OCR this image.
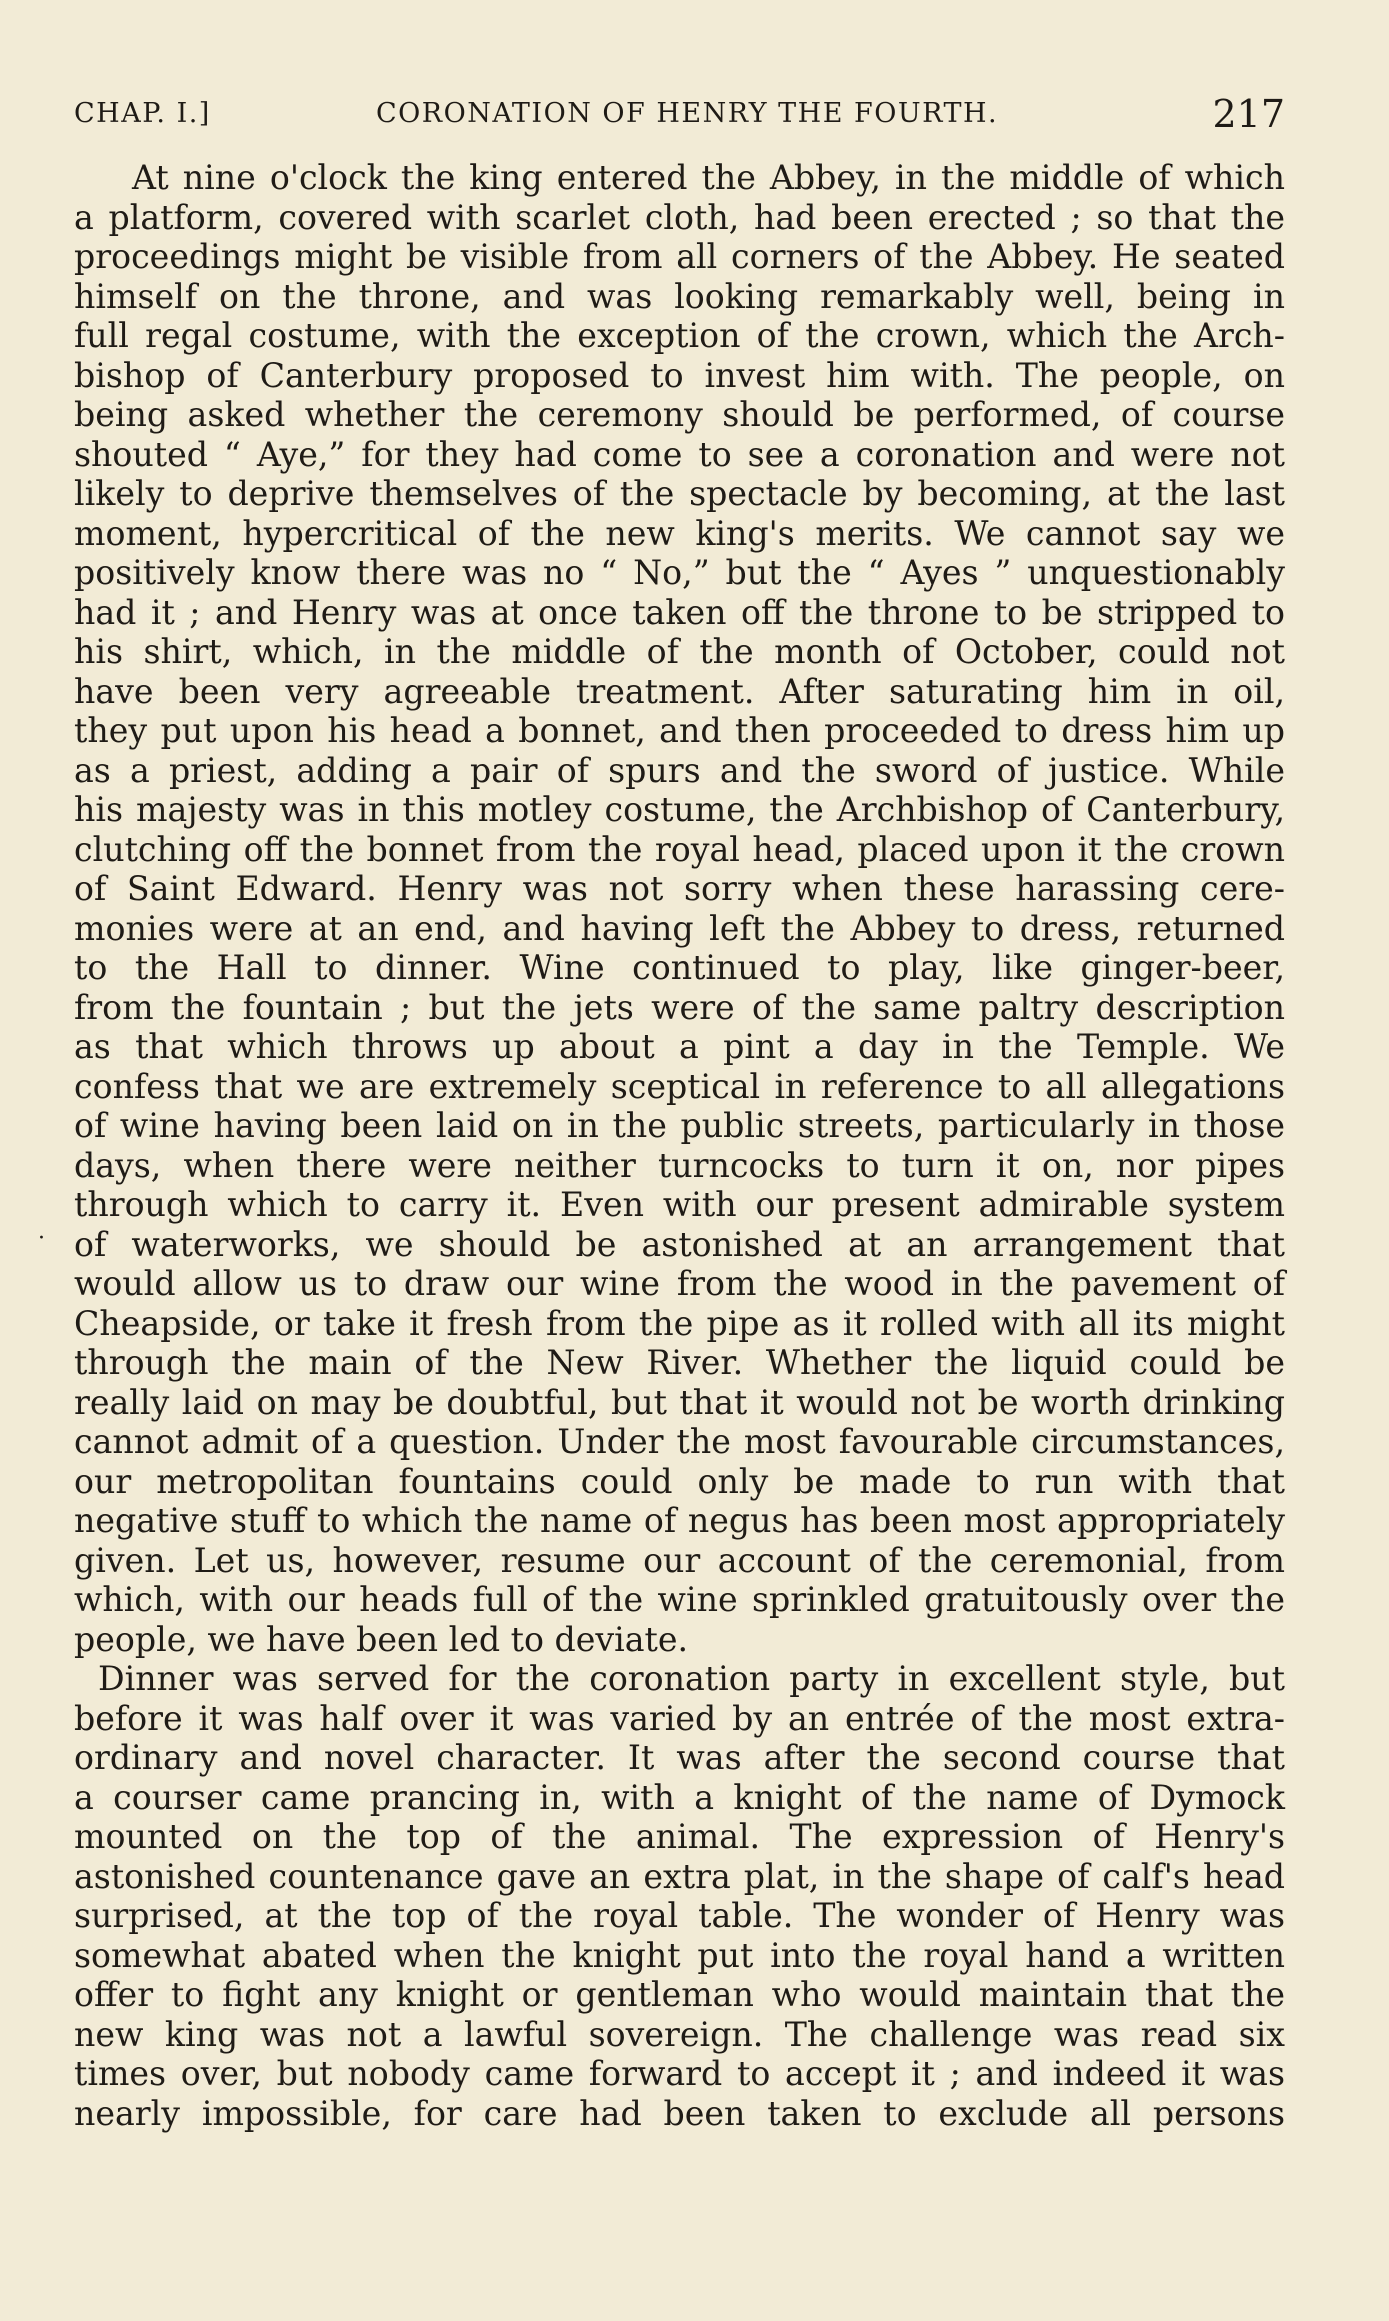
CHAP. I.]	CORONATION OF HENRY THE FOURTH.	217
At nine o'clock the king entered the Abbey, in the middle of which
a platform, covered with scarlet cloth, had been erected ; so that the
proceedings might be visible from all corners of the Abbey. He seated
himself on the throne, and was looking remarkably well, being in
full regal costume, with the exception of the crown, which the Arch-
bishop of Canterbury proposed to invest him with. The people, on
being asked whether the ceremony should be performed, of course
shouted “ Aye,” for they had come to see a coronation and were not
likely to deprive themselves of the spectacle by becoming, at the last
moment, hypercritical of the new king's merits. We cannot say we
positively know there was no “ No,” but the “ Ayes ” unquestionably
had it ; and Henry was at once taken off the throne to be stripped to
his shirt, which, in the middle of the month of October, could not
have been very agreeable treatment. After saturating him in oil,
they put upon his head a bonnet, and then proceeded to dress him up
as a priest, adding a pair of spurs and the sword of justice. While
his majesty was in this motley costume, the Archbishop of Canterbury,
clutching off the bonnet from the royal head, placed upon it the crown
of Saint Edward. Henry was not sorry when these harassing cere-
monies were at an end, and having left the Abbey to dress, returned
to the Hall to dinner. Wine continued to play, like ginger-beer,
from the fountain ; but the jets were of the same paltry description
as that which throws up about a pint a day in the Temple. We
confess that we are extremely sceptical in reference to all allegations
of wine having been laid on in the public streets, particularly in those
days, when there were neither turncocks to turn it on, nor pipes
through which to carry it. Even with our present admirable system
of waterworks, we should be astonished at an arrangement that
would allow us to draw our wine from the wood in the pavement of
Cheapside, or take it fresh from the pipe as it rolled with all its might
through the main of the New River. Whether the liquid could be
really laid on may be doubtful, but that it would not be worth drinking
cannot admit of a question. Under the most favourable circumstances,
our metropolitan fountains could only be made to run with that
negative stuff to which the name of negus has been most appropriately
given. Let us, however, resume our account of the ceremonial, from
which, with our heads full of the wine sprinkled gratuitously over the
people, we have been led to deviate.
Dinner was served for the coronation party in excellent style, but
before it was half over it was varied by an entrée of the most extra-
ordinary and novel character. It was after the second course that
a courser came prancing in, with a knight of the name of Dymock
mounted on the top of the animal. The expression of Henry's
astonished countenance gave an extra plat, in the shape of calf's head
surprised, at the top of the royal table. The wonder of Henry was
somewhat abated when the knight put into the royal hand a written
offer to fight any knight or gentleman who would maintain that the
new king was not a lawful sovereign. The challenge was read six
times over, but nobody came forward to accept it ; and indeed it was
nearly impossible, for care had been taken to exclude all persons
·
